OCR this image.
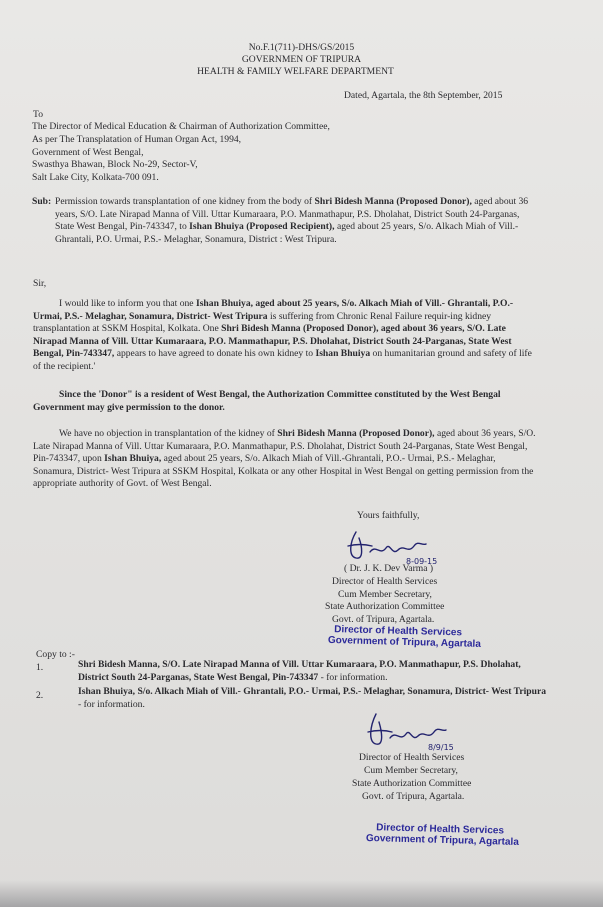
No.F.1(711)-DHS/GS/2015
GOVERNMEN OF TRIPURA
HEALTH & FAMILY WELFARE DEPARTMENT
Dated, Agartala, the 8th September, 2015
To
The Director of Medical Education & Chairman of Authorization Committee,
As per The Transplatation of Human Organ Act, 1994,
Government of West Bengal,
Swasthya Bhawan, Block No-29, Sector-V,
Salt Lake City, Kolkata-700 091.
Sub: Permission towards transplantation of one kidney from the body of Shri Bidesh Manna (Proposed Donor), aged about 36 years, S/O. Late Nirapad Manna of Vill. Uttar Kumaraara, P.O. Manmathapur, P.S. Dholahat, District South 24-Parganas, State West Bengal, Pin-743347, to Ishan Bhuiya (Proposed Recipient), aged about 25 years, S/o. Alkach Miah of Vill.- Ghrantali, P.O. Urmai, P.S.- Melaghar, Sonamura, District : West Tripura.
Sir,
I would like to inform you that one Ishan Bhuiya, aged about 25 years, S/o. Alkach Miah of Vill.- Ghrantali, P.O.- Urmai, P.S.- Melaghar, Sonamura, District- West Tripura is suffering from Chronic Renal Failure requir-ing kidney transplantation at SSKM Hospital, Kolkata. One Shri Bidesh Manna (Proposed Donor), aged about 36 years, S/O. Late Nirapad Manna of Vill. Uttar Kumaraara, P.O. Manmathapur, P.S. Dholahat, District South 24-Parganas, State West Bengal, Pin-743347, appears to have agreed to donate his own kidney to Ishan Bhuiya on humanitarian ground and safety of life of the recipient.'
Since the 'Donor" is a resident of West Bengal, the Authorization Committee constituted by the West Bengal Government may give permission to the donor.
We have no objection in transplantation of the kidney of Shri Bidesh Manna (Proposed Donor), aged about 36 years, S/O. Late Nirapad Manna of Vill. Uttar Kumaraara, P.O. Manmathapur, P.S. Dholahat, District South 24-Parganas, State West Bengal, Pin-743347, upon Ishan Bhuiya, aged about 25 years, S/o. Alkach Miah of Vill.-Ghrantali, P.O.- Urmai, P.S.- Melaghar, Sonamura, District- West Tripura at SSKM Hospital, Kolkata or any other Hospital in West Bengal on getting permission from the appropriate authority of Govt. of West Bengal.
Yours faithfully,
8-09-15
( Dr. J. K. Dev Varma )
Director of Health Services
Cum Member Secretary,
State Authorization Committee
Govt. of Tripura, Agartala.
Director of Health Services
Government of Tripura, Agartala
Copy to :-
1.	Shri Bidesh Manna, S/O. Late Nirapad Manna of Vill. Uttar Kumaraara, P.O. Manmathapur, P.S. Dholahat, District South 24-Parganas, State West Bengal, Pin-743347 - for information.
2.	Ishan Bhuiya, S/o. Alkach Miah of Vill.- Ghrantali, P.O.- Urmai, P.S.- Melaghar, Sonamura, District- West Tripura - for information.
8/9/15
Director of Health Services
Cum Member Secretary,
State Authorization Committee
Govt. of Tripura, Agartala.
Director of Health Services
Government of Tripura, Agartala
